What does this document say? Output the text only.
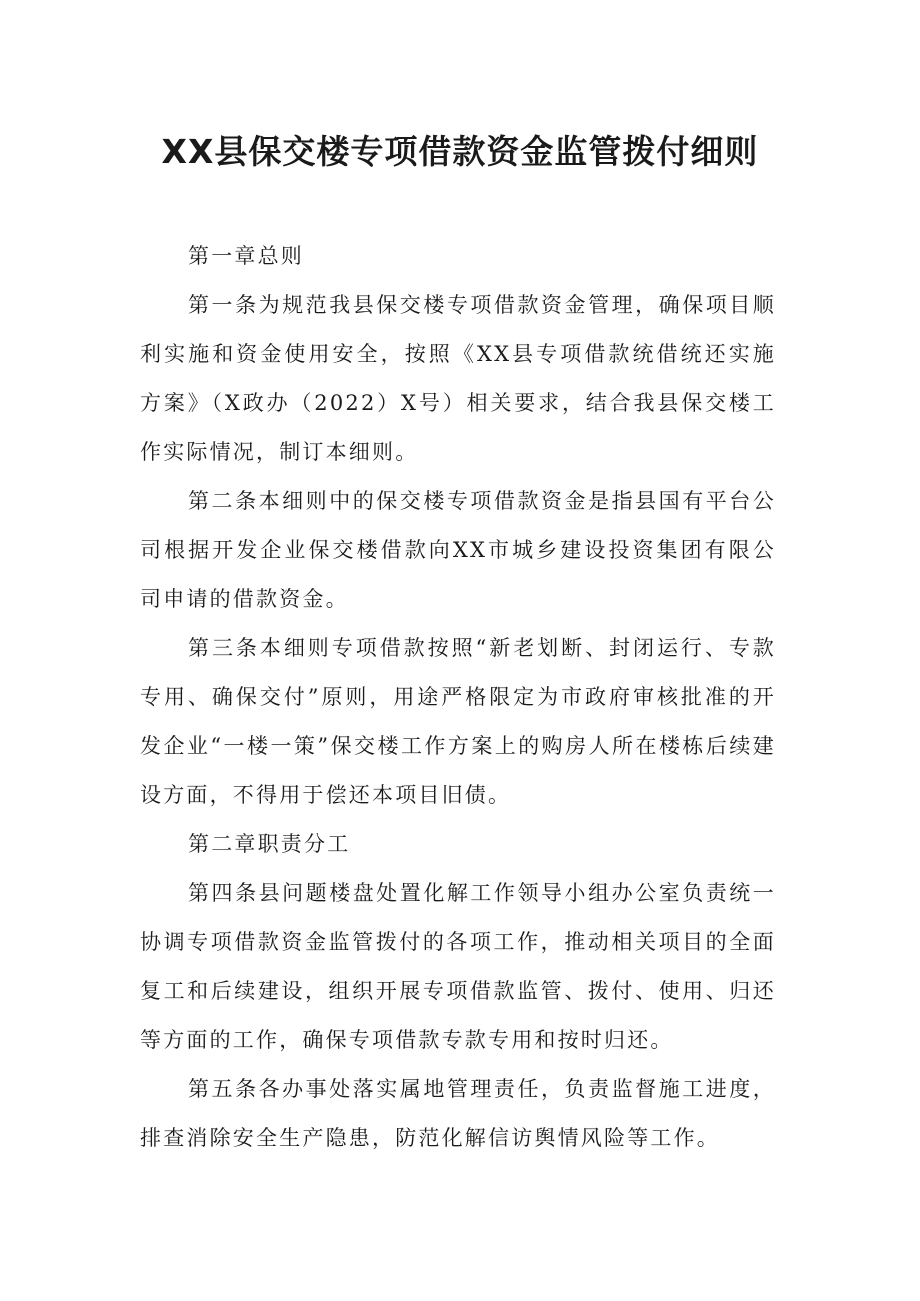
XX县保交楼专项借款资金监管拨付细则

第一章总则

第一条为规范我县保交楼专项借款资金管理，确保项目顺利实施和资金使用安全，按照《XX县专项借款统借统还实施方案》（X政办（2022）X号）相关要求，结合我县保交楼工作实际情况，制订本细则。

第二条本细则中的保交楼专项借款资金是指县国有平台公司根据开发企业保交楼借款向XX市城乡建设投资集团有限公司申请的借款资金。

第三条本细则专项借款按照“新老划断、封闭运行、专款专用、确保交付”原则，用途严格限定为市政府审核批准的开发企业“一楼一策”保交楼工作方案上的购房人所在楼栋后续建设方面，不得用于偿还本项目旧债。

第二章职责分工

第四条县问题楼盘处置化解工作领导小组办公室负责统一协调专项借款资金监管拨付的各项工作，推动相关项目的全面复工和后续建设，组织开展专项借款监管、拨付、使用、归还等方面的工作，确保专项借款专款专用和按时归还。

第五条各办事处落实属地管理责任，负责监督施工进度，排查消除安全生产隐患，防范化解信访舆情风险等工作。
